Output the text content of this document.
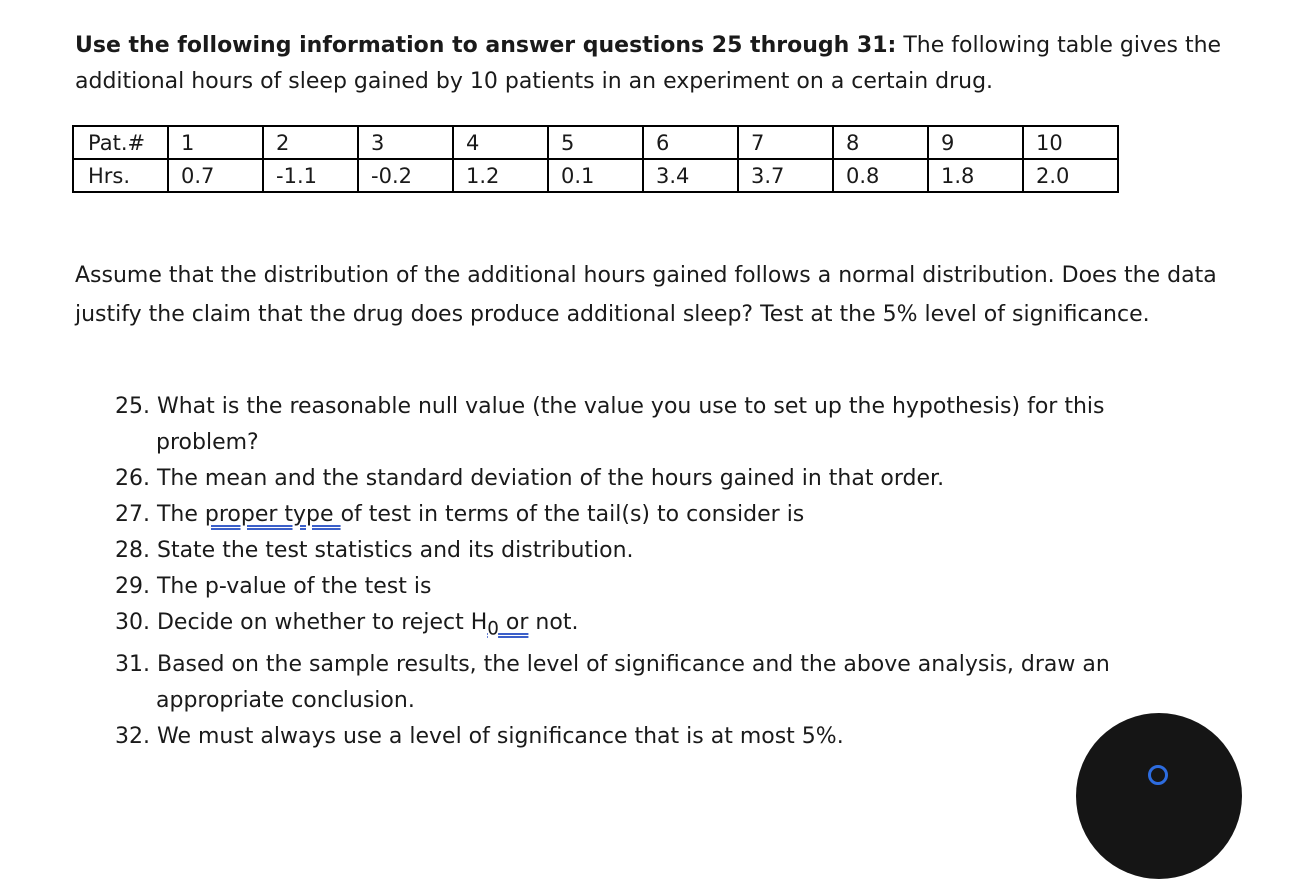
Use the following information to answer questions 25 through 31: The following table gives the additional hours of sleep gained by 10 patients in an experiment on a certain drug.

Pat.#	1	2	3	4	5	6	7	8	9	10
Hrs.	0.7	-1.1	-0.2	1.2	0.1	3.4	3.7	0.8	1.8	2.0

Assume that the distribution of the additional hours gained follows a normal distribution. Does the data justify the claim that the drug does produce additional sleep? Test at the 5% level of significance.

25. What is the reasonable null value (the value you use to set up the hypothesis) for this problem?
26. The mean and the standard deviation of the hours gained in that order.
27. The proper type of test in terms of the tail(s) to consider is
28. State the test statistics and its distribution.
29. The p-value of the test is
30. Decide on whether to reject $H_0$ or not.
31. Based on the sample results, the level of significance and the above analysis, draw an appropriate conclusion.
32. We must always use a level of significance that is at most 5%.
